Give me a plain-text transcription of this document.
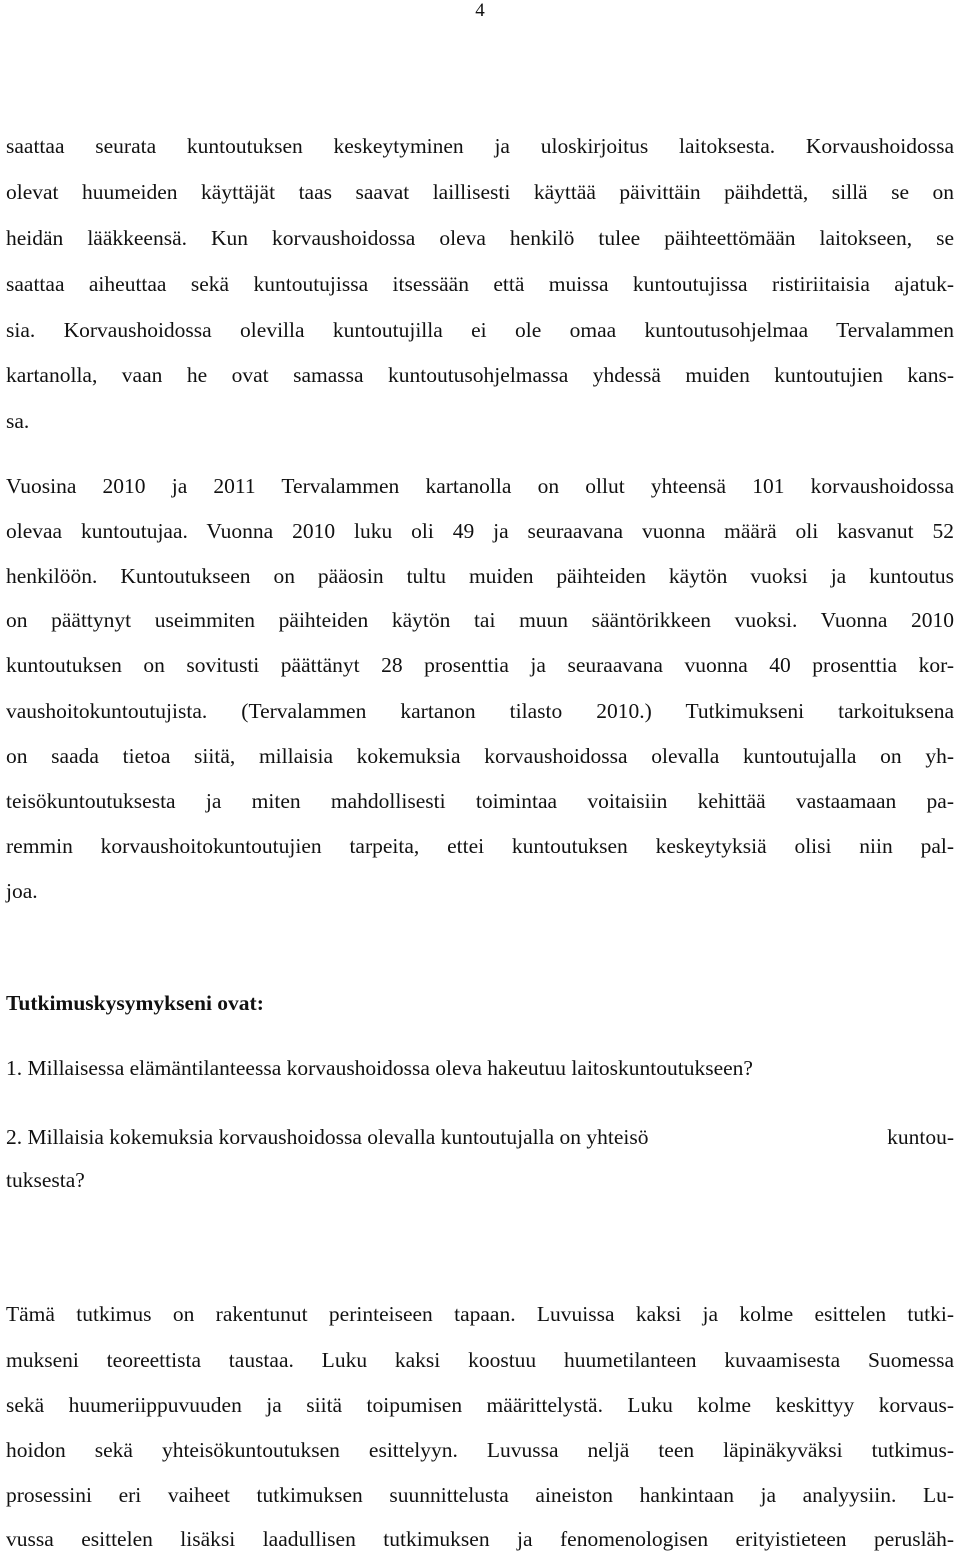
4
saattaa seurata kuntoutuksen keskeytyminen ja uloskirjoitus laitoksesta. Korvaushoidossa
olevat huumeiden käyttäjät taas saavat laillisesti käyttää päivittäin päihdettä, sillä se on
heidän lääkkeensä. Kun korvaushoidossa oleva henkilö tulee päihteettömään laitokseen, se
saattaa aiheuttaa sekä kuntoutujissa itsessään että muissa kuntoutujissa ristiriitaisia ajatuk-
sia. Korvaushoidossa olevilla kuntoutujilla ei ole omaa kuntoutusohjelmaa Tervalammen
kartanolla, vaan he ovat samassa kuntoutusohjelmassa yhdessä muiden kuntoutujien kans-
sa.
Vuosina 2010 ja 2011 Tervalammen kartanolla on ollut yhteensä 101 korvaushoidossa
olevaa kuntoutujaa. Vuonna 2010 luku oli 49 ja seuraavana vuonna määrä oli kasvanut 52
henkilöön. Kuntoutukseen on pääosin tultu muiden päihteiden käytön vuoksi ja kuntoutus
on päättynyt useimmiten päihteiden käytön tai muun sääntörikkeen vuoksi. Vuonna 2010
kuntoutuksen on sovitusti päättänyt 28 prosenttia ja seuraavana vuonna 40 prosenttia kor-
vaushoitokuntoutujista. (Tervalammen kartanon tilasto 2010.) Tutkimukseni tarkoituksena
on saada tietoa siitä, millaisia kokemuksia korvaushoidossa olevalla kuntoutujalla on yh-
teisökuntoutuksesta ja miten mahdollisesti toimintaa voitaisiin kehittää vastaamaan pa-
remmin korvaushoitokuntoutujien tarpeita, ettei kuntoutuksen keskeytyksiä olisi niin pal-
joa.
Tutkimuskysymykseni ovat:
1. Millaisessa elämäntilanteessa korvaushoidossa oleva hakeutuu laitoskuntoutukseen?
2. Millaisia kokemuksia korvaushoidossa olevalla kuntoutujalla on yhteisö	kuntou-
tuksesta?
Tämä tutkimus on rakentunut perinteiseen tapaan. Luvuissa kaksi ja kolme esittelen tutki-
mukseni teoreettista taustaa. Luku kaksi koostuu huumetilanteen kuvaamisesta Suomessa
sekä huumeriippuvuuden ja siitä toipumisen määrittelystä. Luku kolme keskittyy korvaus-
hoidon sekä yhteisökuntoutuksen esittelyyn. Luvussa neljä teen läpinäkyväksi tutkimus-
prosessini eri vaiheet tutkimuksen suunnittelusta aineiston hankintaan ja analyysiin. Lu-
vussa esittelen lisäksi laadullisen tutkimuksen ja fenomenologisen erityistieteen perusläh-
